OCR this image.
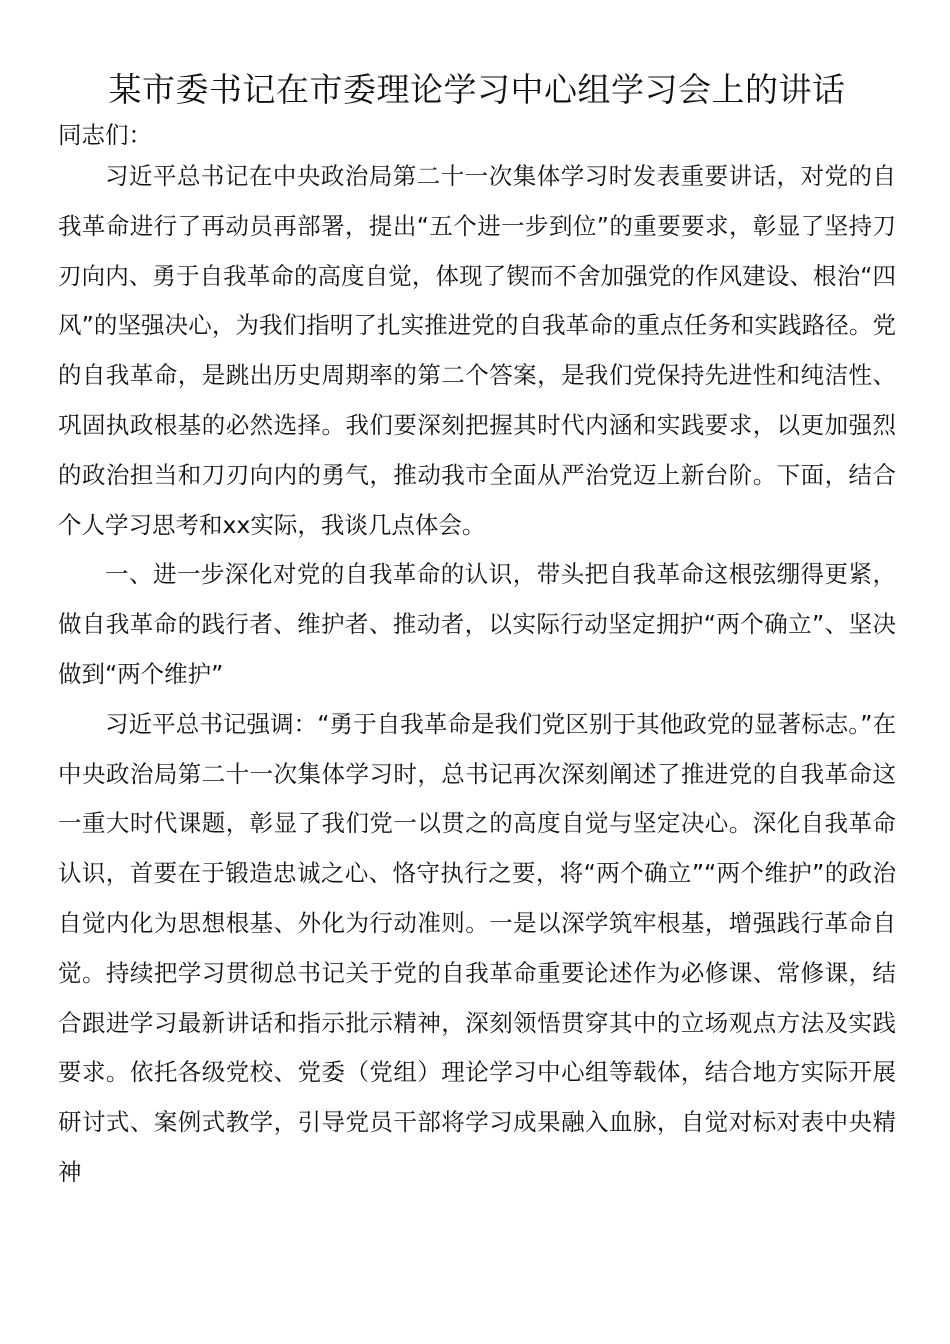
某市委书记在市委理论学习中心组学习会上的讲话

同志们：

习近平总书记在中央政治局第二十一次集体学习时发表重要讲话，对党的自我革命进行了再动员再部署，提出“五个进一步到位”的重要要求，彰显了坚持刀刃向内、勇于自我革命的高度自觉，体现了锲而不舍加强党的作风建设、根治“四风”的坚强决心，为我们指明了扎实推进党的自我革命的重点任务和实践路径。党的自我革命，是跳出历史周期率的第二个答案，是我们党保持先进性和纯洁性、巩固执政根基的必然选择。我们要深刻把握其时代内涵和实践要求，以更加强烈的政治担当和刀刃向内的勇气，推动我市全面从严治党迈上新台阶。下面，结合个人学习思考和xx实际，我谈几点体会。

一、进一步深化对党的自我革命的认识，带头把自我革命这根弦绷得更紧，做自我革命的践行者、维护者、推动者，以实际行动坚定拥护“两个确立”、坚决做到“两个维护”

习近平总书记强调：“勇于自我革命是我们党区别于其他政党的显著标志。”在中央政治局第二十一次集体学习时，总书记再次深刻阐述了推进党的自我革命这一重大时代课题，彰显了我们党一以贯之的高度自觉与坚定决心。深化自我革命认识，首要在于锻造忠诚之心、恪守执行之要，将“两个确立”“两个维护”的政治自觉内化为思想根基、外化为行动准则。一是以深学筑牢根基，增强践行革命自觉。持续把学习贯彻总书记关于党的自我革命重要论述作为必修课、常修课，结合跟进学习最新讲话和指示批示精神，深刻领悟贯穿其中的立场观点方法及实践要求。依托各级党校、党委（党组）理论学习中心组等载体，结合地方实际开展研讨式、案例式教学，引导党员干部将学习成果融入血脉，自觉对标对表中央精神
